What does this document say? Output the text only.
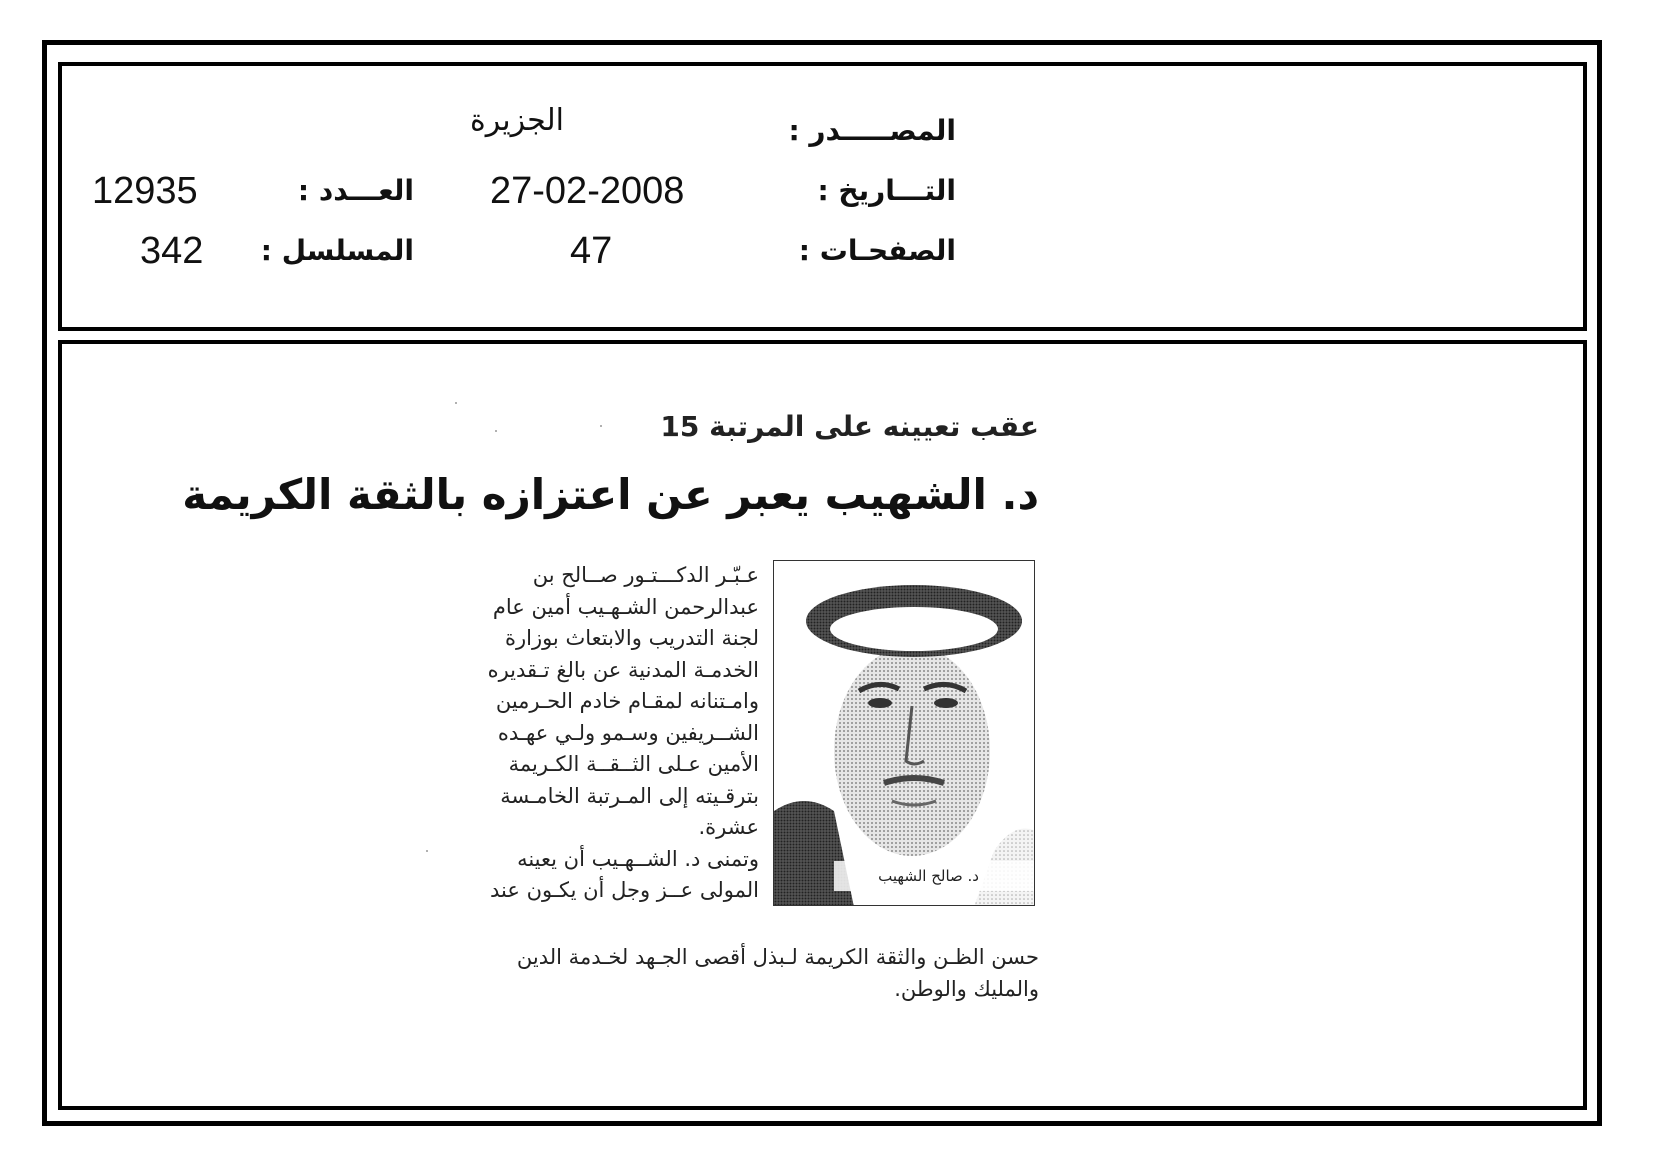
المصـــــدر :
الجزيرة
التـــاريخ :
27-02-2008
العـــدد :
12935
الصفحـات :
47
المسلسل :
342
عقب تعيينه على المرتبة 15
د. الشهيب يعبر عن اعتزازه بالثقة الكريمة
د. صالح الشهيب
عـبّـر الدكـــتـور صــالح بن
عبدالرحمن الشـهـيب أمين عام
لجنة التدريب والابتعاث بوزارة
الخدمـة المدنية عن بالغ تـقديره
وامـتنانه لمقـام خادم الحـرمين
الشــريفين وسـمو ولـي عهـده
الأمين عـلى الثــقــة الكـريمة
بترقـيته إلى المـرتبة الخامـسة
عشرة.
وتمنى د. الشــهـيب أن يعينه
المولى عــز وجل أن يكـون عند
حسن الظـن والثقة الكريمة لـبذل أقصى الجـهد لخـدمة الدين
والمليك والوطن.
